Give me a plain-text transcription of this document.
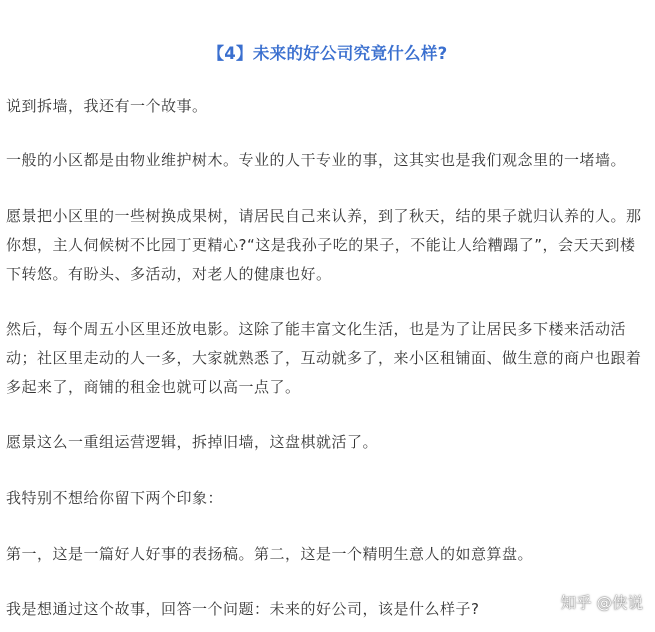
【4】未来的好公司究竟什么样?

说到拆墙，我还有一个故事。

一般的小区都是由物业维护树木。专业的人干专业的事，这其实也是我们观念里的一堵墙。

愿景把小区里的一些树换成果树，请居民自己来认养，到了秋天，结的果子就归认养的人。那
你想，主人伺候树不比园丁更精心?“这是我孙子吃的果子，不能让人给糟蹋了”，会天天到楼
下转悠。有盼头、多活动，对老人的健康也好。

然后，每个周五小区里还放电影。这除了能丰富文化生活，也是为了让居民多下楼来活动活
动；社区里走动的人一多，大家就熟悉了，互动就多了，来小区租铺面、做生意的商户也跟着
多起来了，商铺的租金也就可以高一点了。

愿景这么一重组运营逻辑，拆掉旧墙，这盘棋就活了。

我特别不想给你留下两个印象：

第一，这是一篇好人好事的表扬稿。第二，这是一个精明生意人的如意算盘。

我是想通过这个故事，回答一个问题：未来的好公司，该是什么样子?	知乎 @侠说
